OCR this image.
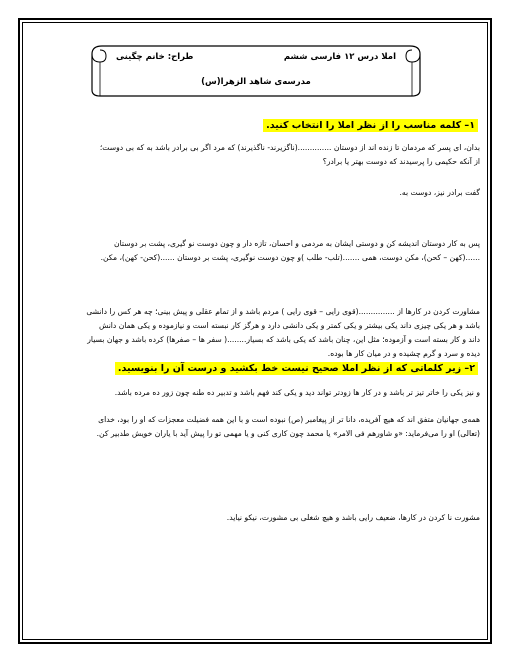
املا درس ۱۲ فارسی ششم
طراح: خانم چگینی
مدرسه‌ی شاهد الزهرا(س)
۱– کلمه مناسب را از نظر املا را انتخاب کنید.
بدان، ای پسر که مردمان تا زنده اند از دوستان ..............(ناگزیرند- ناگذیرند) که مرد اگر بی برادر باشد به که بی دوست؛
از آنکه حکیمی را پرسیدند که دوست بهتر یا برادر؟
گفت برادر نیز، دوست به.
پس به کار دوستان اندیشه کن و دوستی ایشان به مردمی و احسان، تازه دار و چون دوست نو گیری، پشت بر دوستان
......(کهن – کحن)، مکن دوست، همی .......(تلب- طلب )و چون دوست نوگیری، پشت بر دوستان ......(کحن- کهن)، مکن.
مشاورت کردن در کارها از ...............(قوی رایی – قوی رایی ) مردم باشد و از تمام عقلی و پیش بینی؛ چه هر کس را دانشی
باشد و هر یکی چیزی داند یکی بیشتر و یکی کمتر و یکی دانشی دارد و هرگز کار نبسته است و نیازموده و یکی همان دانش
داند و کار بسته است و آزموده؛ مثل این، چنان باشد که یکی باشد که بسیار........( سفر ها – صفرها) کرده باشد و جهان بسیار
دیده و سرد و گرم چشیده و در میان کار ها بوده.
۲– زیر کلماتی که از نظر املا صحیح نیست خط بکشید و درست آن را بنویسید.
و نیز یکی را خاتر تیز تر باشد و در کار ها زودتر تواند دید و یکی کند فهم باشد و تدبیر ده طنه چون زور ده مرده باشد.
همه‌ی جهانیان متفق اند که هیچ آفریده، دانا تر از پیغامبر (ص) نبوده است و با این همه فضیلت معجزات که او را بود، خدای
(تعالی) او را می‌فرماید: «و شاورهم فی الامر» یا محمد چون کاری کنی و یا مهمی تو را پیش آید با یاران خویش طدبیر کن.
مشورت نا کردن در کارها، ضعیف رایی باشد و هیچ شغلی بی مشورت، نیکو نیاید.
